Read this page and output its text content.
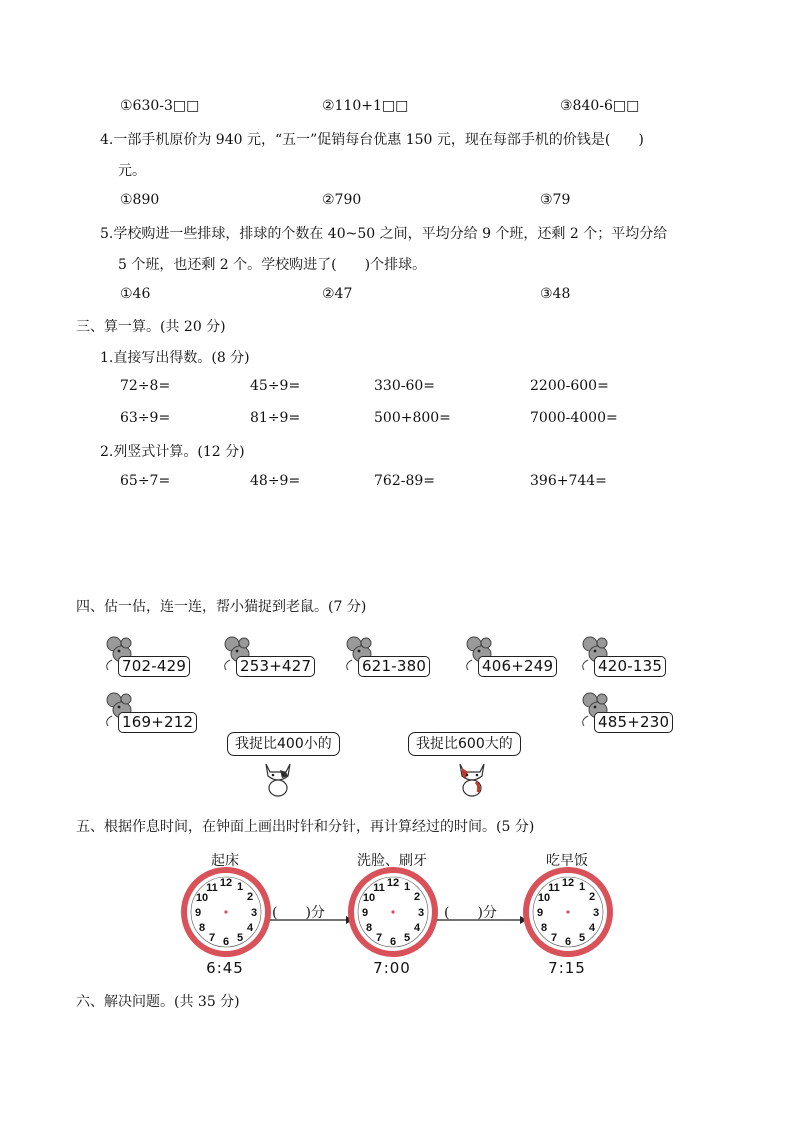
①630-3□□	②110+1□□	③840-6□□
4.一部手机原价为 940 元，“五一”促销每台优惠 150 元，现在每部手机的价钱是(　　)
元。
①890	②790	③79
5.学校购进一些排球，排球的个数在 40~50 之间，平均分给 9 个班，还剩 2 个；平均分给
5 个班，也还剩 2 个。学校购进了(　　)个排球。
①46	②47	③48
三、算一算。(共 20 分)
1.直接写出得数。(8 分)
72÷8=	45÷9=	330-60=	2200-600=
63÷9=	81÷9=	500+800=	7000-4000=
2.列竖式计算。(12 分)
65÷7=	48÷9=	762-89=	396+744=
四、估一估，连一连，帮小猫捉到老鼠。(7 分)
702-429	253+427	621-380	406+249	420-135
169+212	485+230
我捉比400小的	我捉比600大的
五、根据作息时间，在钟面上画出时针和分针，再计算经过的时间。(5 分)
起床	洗脸、刷牙	吃早饭
12 1
2
3
4
5
6
7
8
9
10
11	12 1
2
3
4
5
6
7
8
9
10
11	12 1
2
3
4
5
6
7
8
9
10
11
(　　)分	(　　)分
6:45	7:00	7:15
六、解决问题。(共 35 分)
